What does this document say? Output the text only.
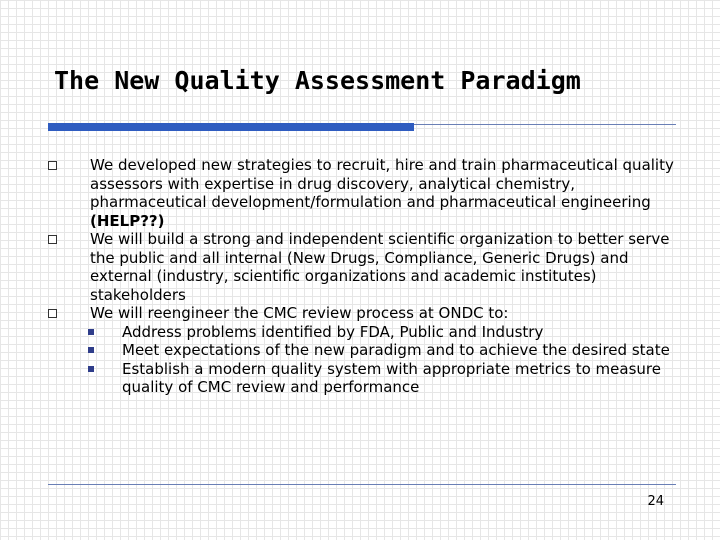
The New Quality Assessment Paradigm
We developed new strategies to recruit, hire and train pharmaceutical quality assessors with expertise in drug discovery, analytical chemistry, pharmaceutical development/formulation and pharmaceutical engineering (HELP??)
We will build a strong and independent scientific organization to better serve the public and all internal (New Drugs, Compliance, Generic Drugs) and external (industry, scientific organizations and academic institutes) stakeholders
We will reengineer the CMC review process at ONDC to:
Address problems identified by FDA, Public and Industry
Meet expectations of the new paradigm and to achieve the desired state
Establish a modern quality system with appropriate metrics to measure quality of CMC review and performance
24
